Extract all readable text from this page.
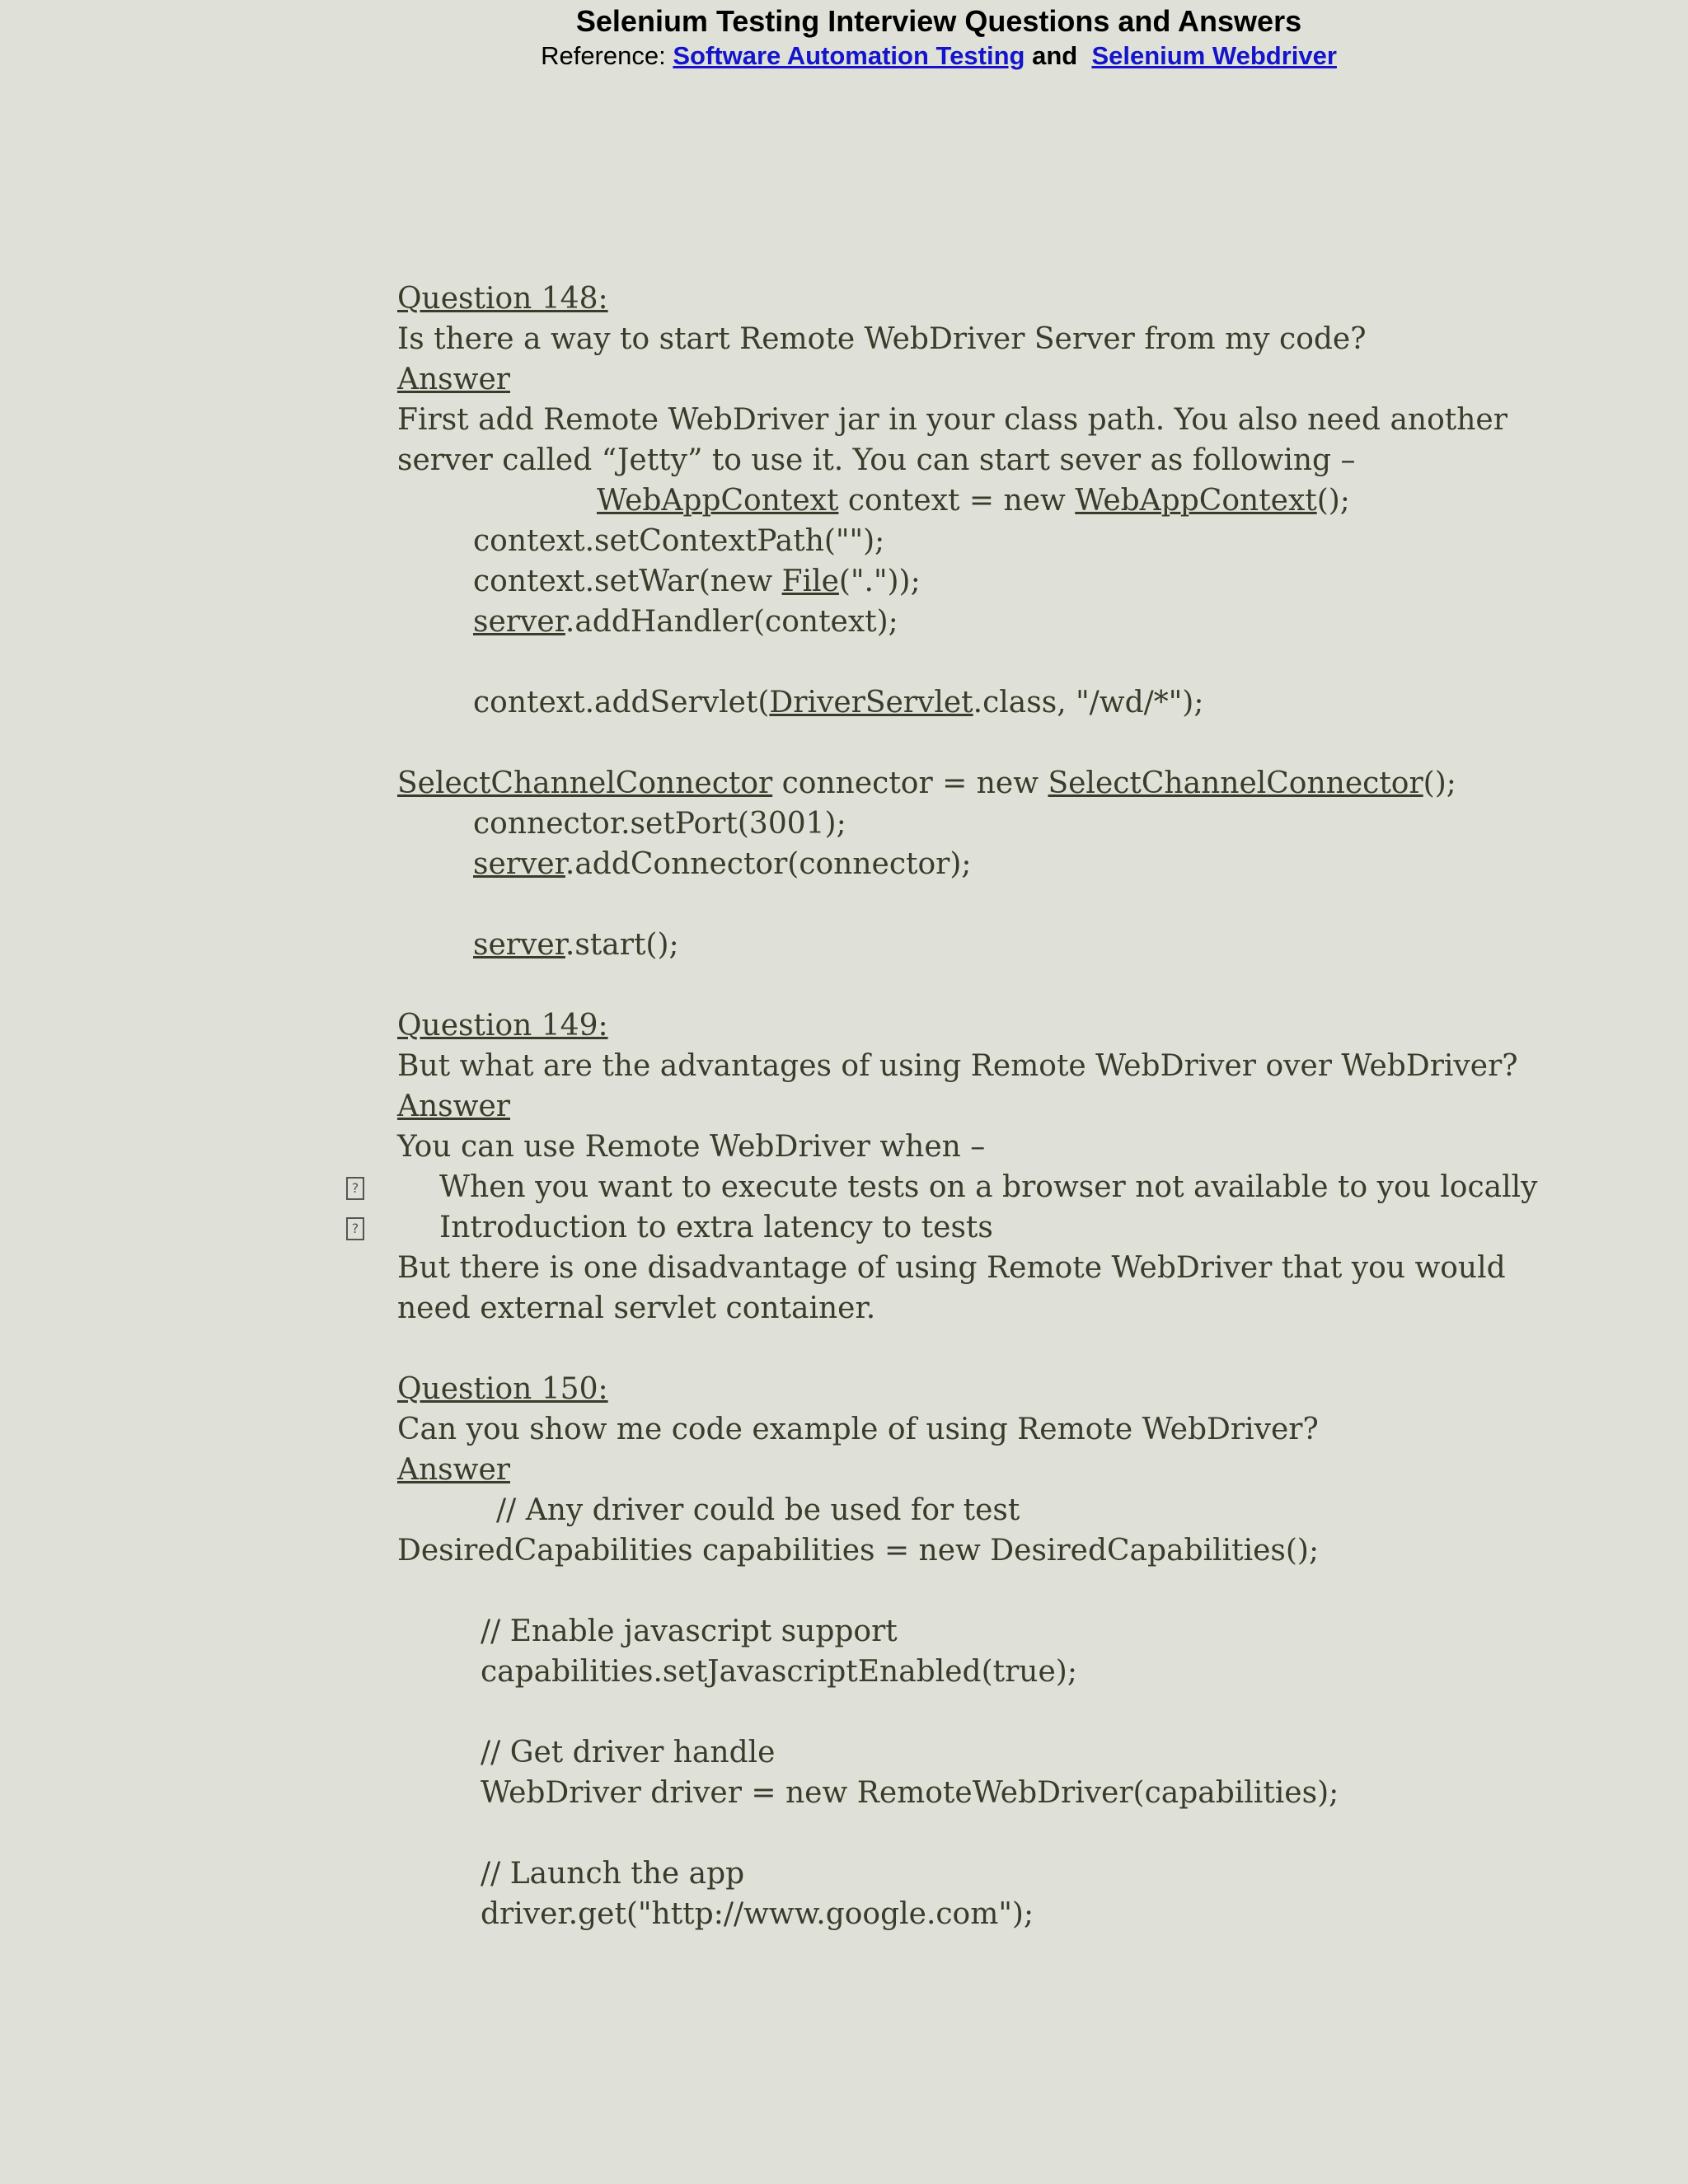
Selenium Testing Interview Questions and Answers
Reference: Software Automation Testing and Selenium Webdriver
Question 148:
Is there a way to start Remote WebDriver Server from my code?
Answer
First add Remote WebDriver jar in your class path. You also need another
server called “Jetty” to use it. You can start sever as following –
WebAppContext context = new WebAppContext();
context.setContextPath("");
context.setWar(new File("."));
server.addHandler(context);
context.addServlet(DriverServlet.class, "/wd/*");
SelectChannelConnector connector = new SelectChannelConnector();
connector.setPort(3001);
server.addConnector(connector);
server.start();
Question 149:
But what are the advantages of using Remote WebDriver over WebDriver?
Answer
You can use Remote WebDriver when –
?	When you want to execute tests on a browser not available to you locally
?	Introduction to extra latency to tests
But there is one disadvantage of using Remote WebDriver that you would
need external servlet container.
Question 150:
Can you show me code example of using Remote WebDriver?
Answer
// Any driver could be used for test
DesiredCapabilities capabilities = new DesiredCapabilities();
// Enable javascript support
capabilities.setJavascriptEnabled(true);
// Get driver handle
WebDriver driver = new RemoteWebDriver(capabilities);
// Launch the app
driver.get("http://www.google.com");
